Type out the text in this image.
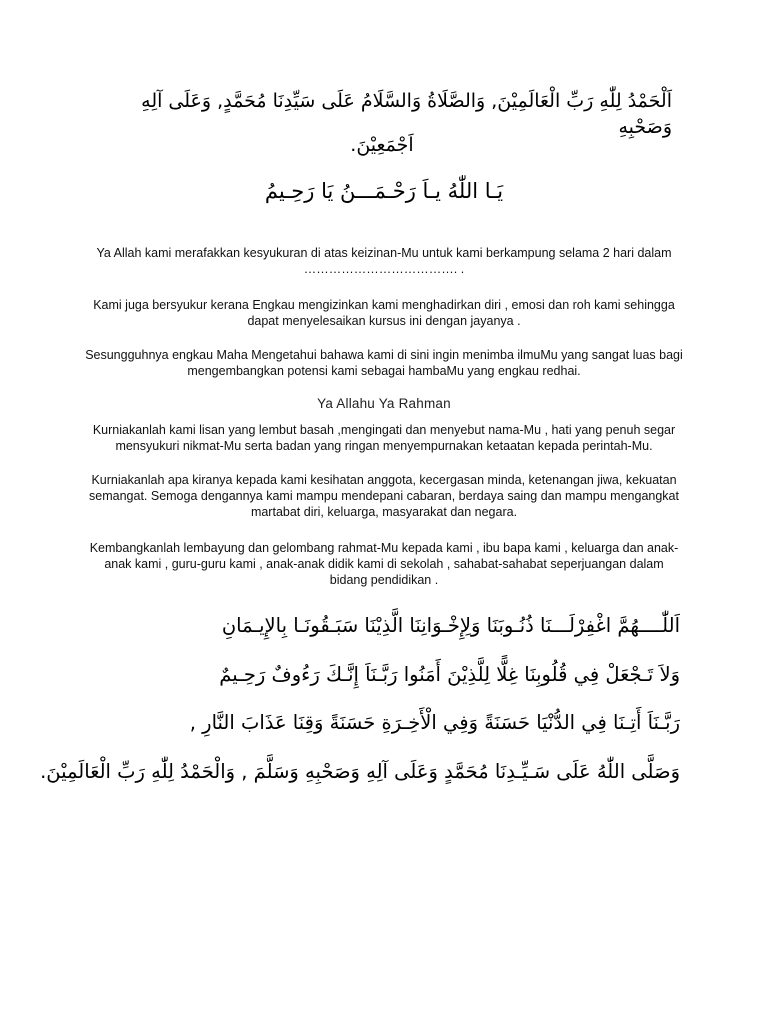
اَلْحَمْدُ لِلّٰهِ رَبِّ الْعَالَمِيْنَ, وَالصَّلَاةُ وَالسَّلَامُ عَلَى سَيِّدِنَا مُحَمَّدٍ, وَعَلَى آلِهِ وَصَحْبِهِ
اَجْمَعِيْنَ.
يَـا اللّٰهُ يـاَ رَحْـمَـــنُ يَا رَحِـيمُ

Ya Allah kami merafakkan kesyukuran di atas keizinan-Mu untuk kami berkampung selama 2 hari dalam ………………………………. .

Kami juga bersyukur kerana Engkau mengizinkan kami menghadirkan diri , emosi dan roh kami sehingga dapat menyelesaikan kursus ini dengan jayanya .

Sesungguhnya engkau Maha Mengetahui bahawa kami di sini ingin menimba ilmuMu yang sangat luas bagi mengembangkan potensi kami sebagai hambaMu yang engkau redhai.

Ya Allahu Ya Rahman

Kurniakanlah kami lisan yang lembut basah ,mengingati dan menyebut nama-Mu , hati yang penuh segar mensyukuri nikmat-Mu serta badan yang ringan menyempurnakan ketaatan kepada perintah-Mu.

Kurniakanlah apa kiranya kepada kami kesihatan anggota, kecergasan minda, ketenangan jiwa, kekuatan semangat. Semoga dengannya kami mampu mendepani cabaran, berdaya saing dan mampu mengangkat martabat diri, keluarga, masyarakat dan negara.

Kembangkanlah lembayung dan gelombang rahmat-Mu kepada kami , ibu bapa kami , keluarga dan anak-anak kami , guru-guru kami , anak-anak didik kami di sekolah , sahabat-sahabat seperjuangan dalam bidang pendidikan .

اَللّٰــــهُمَّ اغْفِرْلَـــنَا ذُنُـوبَنَا وَلِإِخْـوَانِنَا الَّذِيْنَا سَبَـقُونَـا بِالإِيـمَانِ
وَلاَ تَـجْعَلْ فِي قُلُوبِنَا غِلًّا لِلَّذِيْنَ أَمَنُوا رَبَّـنَاَ إِنَّـكَ رَءُوفٌ رَحِـيمٌ
رَبَّـنَاَ أَتِـنَا فِي الدُّنْيَا حَسَنَةً وَفِي الْأَخِـرَةِ حَسَنَةً وَقِنَا عَذَابَ النَّارِ ,
وَصَلَّى اللّٰهُ عَلَى سَـيِّـدِنَا مُحَمَّدٍ وَعَلَى آلِهِ وَصَحْبِهِ وَسَلَّمَ , وَالْحَمْدُ لِلّٰهِ رَبِّ الْعَالَمِيْنَ.
